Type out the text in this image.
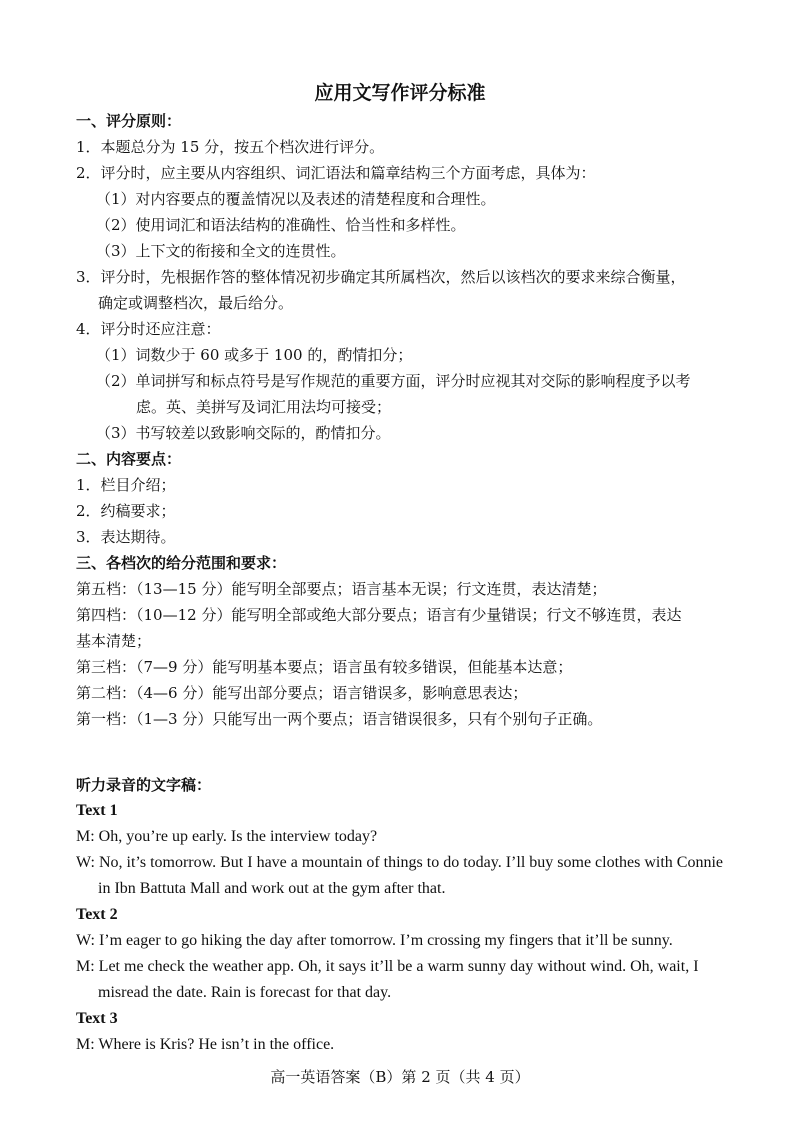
应用文写作评分标准
一、评分原则：
1．本题总分为 15 分，按五个档次进行评分。
2．评分时，应主要从内容组织、词汇语法和篇章结构三个方面考虑，具体为：
（1）对内容要点的覆盖情况以及表述的清楚程度和合理性。
（2）使用词汇和语法结构的准确性、恰当性和多样性。
（3）上下文的衔接和全文的连贯性。
3．评分时，先根据作答的整体情况初步确定其所属档次，然后以该档次的要求来综合衡量，
确定或调整档次，最后给分。
4．评分时还应注意：
（1）词数少于 60 或多于 100 的，酌情扣分；
（2）单词拼写和标点符号是写作规范的重要方面，评分时应视其对交际的影响程度予以考
虑。英、美拼写及词汇用法均可接受；
（3）书写较差以致影响交际的，酌情扣分。
二、内容要点：
1．栏目介绍；
2．约稿要求；
3．表达期待。
三、各档次的给分范围和要求：
第五档：（13—15 分）能写明全部要点；语言基本无误；行文连贯，表达清楚；
第四档：（10—12 分）能写明全部或绝大部分要点；语言有少量错误；行文不够连贯，表达
基本清楚；
第三档：（7—9 分）能写明基本要点；语言虽有较多错误，但能基本达意；
第二档：（4—6 分）能写出部分要点；语言错误多，影响意思表达；
第一档：（1—3 分）只能写出一两个要点；语言错误很多，只有个别句子正确。
听力录音的文字稿：
Text 1
M: Oh, you’re up early. Is the interview today?
W: No, it’s tomorrow. But I have a mountain of things to do today. I’ll buy some clothes with Connie
in Ibn Battuta Mall and work out at the gym after that.
Text 2
W: I’m eager to go hiking the day after tomorrow. I’m crossing my fingers that it’ll be sunny.
M: Let me check the weather app. Oh, it says it’ll be a warm sunny day without wind. Oh, wait, I
misread the date. Rain is forecast for that day.
Text 3
M: Where is Kris? He isn’t in the office.
高一英语答案（B）第 2 页（共 4 页）
